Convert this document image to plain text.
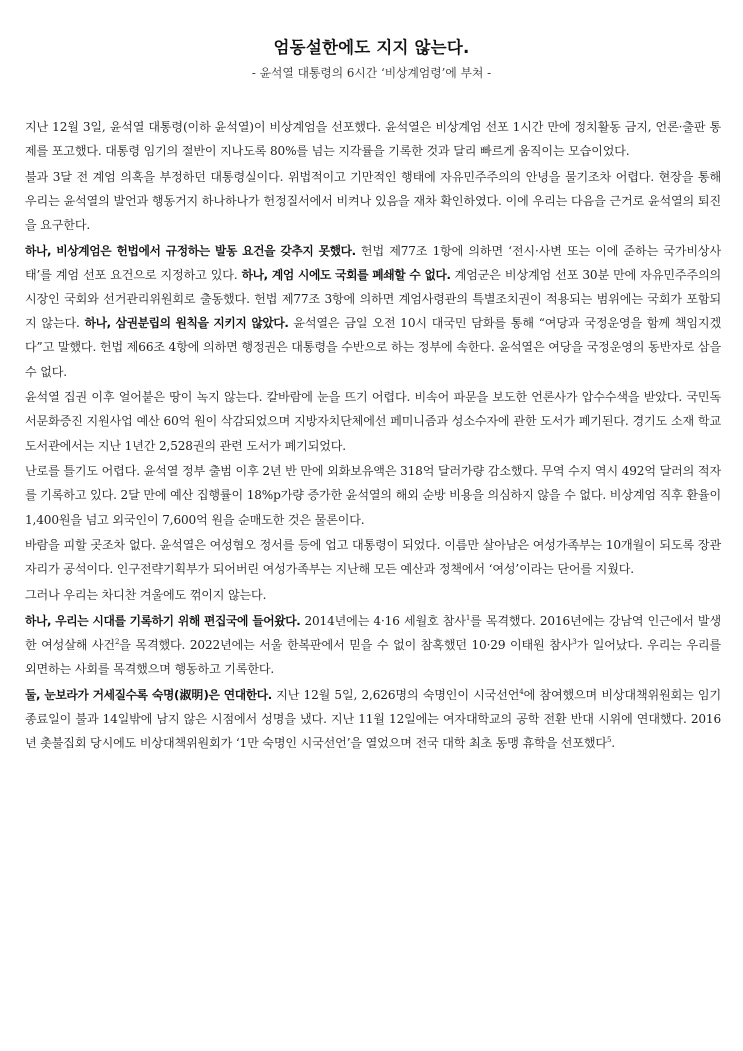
엄동설한에도 지지 않는다.
- 윤석열 대통령의 6시간 ‘비상계엄령’에 부쳐 -

지난 12월 3일, 윤석열 대통령(이하 윤석열)이 비상계엄을 선포했다. 윤석열은 비상계엄 선포 1시간 만에 정치활동 금지, 언론·출판 통제를 포고했다. 대통령 임기의 절반이 지나도록 80%를 넘는 지각률을 기록한 것과 달리 빠르게 움직이는 모습이었다.

불과 3달 전 계엄 의혹을 부정하던 대통령실이다. 위법적이고 기만적인 행태에 자유민주주의의 안녕을 물기조차 어렵다. 현장을 통해 우리는 윤석열의 발언과 행동거지 하나하나가 헌정질서에서 비켜나 있음을 재차 확인하였다. 이에 우리는 다음을 근거로 윤석열의 퇴진을 요구한다.

하나, 비상계엄은 헌법에서 규정하는 발동 요건을 갖추지 못했다. 헌법 제77조 1항에 의하면 ‘전시·사변 또는 이에 준하는 국가비상사태’를 계엄 선포 요건으로 지정하고 있다. 하나, 계엄 시에도 국회를 폐쇄할 수 없다. 계엄군은 비상계엄 선포 30분 만에 자유민주주의의 시장인 국회와 선거관리위원회로 출동했다. 헌법 제77조 3항에 의하면 계엄사령관의 특별조치권이 적용되는 범위에는 국회가 포함되지 않는다. 하나, 삼권분립의 원칙을 지키지 않았다. 윤석열은 금일 오전 10시 대국민 담화를 통해 “여당과 국정운영을 함께 책임지겠다”고 말했다. 헌법 제66조 4항에 의하면 행정권은 대통령을 수반으로 하는 정부에 속한다. 윤석열은 여당을 국정운영의 동반자로 삼을 수 없다.

윤석열 집권 이후 얼어붙은 땅이 녹지 않는다. 칼바람에 눈을 뜨기 어렵다. 비속어 파문을 보도한 언론사가 압수수색을 받았다. 국민독서문화증진 지원사업 예산 60억 원이 삭감되었으며 지방자치단체에선 페미니즘과 성소수자에 관한 도서가 폐기된다. 경기도 소재 학교 도서관에서는 지난 1년간 2,528권의 관련 도서가 폐기되었다.

난로를 틀기도 어렵다. 윤석열 정부 출범 이후 2년 반 만에 외화보유액은 318억 달러가량 감소했다. 무역 수지 역시 492억 달러의 적자를 기록하고 있다. 2달 만에 예산 집행률이 18%p가량 증가한 윤석열의 해외 순방 비용을 의심하지 않을 수 없다. 비상계엄 직후 환율이 1,400원을 넘고 외국인이 7,600억 원을 순매도한 것은 물론이다.

바람을 피할 곳조차 없다. 윤석열은 여성혐오 정서를 등에 업고 대통령이 되었다. 이름만 살아남은 여성가족부는 10개월이 되도록 장관 자리가 공석이다. 인구전략기획부가 되어버린 여성가족부는 지난해 모든 예산과 정책에서 ‘여성’이라는 단어를 지웠다.

그러나 우리는 차디찬 겨울에도 꺾이지 않는다.

하나, 우리는 시대를 기록하기 위해 편집국에 들어왔다. 2014년에는 4·16 세월호 참사$^1$를 목격했다. 2016년에는 강남역 인근에서 발생한 여성살해 사건$^2$을 목격했다. 2022년에는 서울 한복판에서 믿을 수 없이 참혹했던 10·29 이태원 참사$^3$가 일어났다. 우리는 우리를 외면하는 사회를 목격했으며 행동하고 기록한다.

둘, 눈보라가 거세질수록 숙명(淑明)은 연대한다. 지난 12월 5일, 2,626명의 숙명인이 시국선언$^4$에 참여했으며 비상대책위원회는 임기 종료일이 불과 14일밖에 남지 않은 시점에서 성명을 냈다. 지난 11월 12일에는 여자대학교의 공학 전환 반대 시위에 연대했다. 2016년 촛불집회 당시에도 비상대책위원회가 ‘1만 숙명인 시국선언’을 열었으며 전국 대학 최초 동맹 휴학을 선포했다$^5$.
